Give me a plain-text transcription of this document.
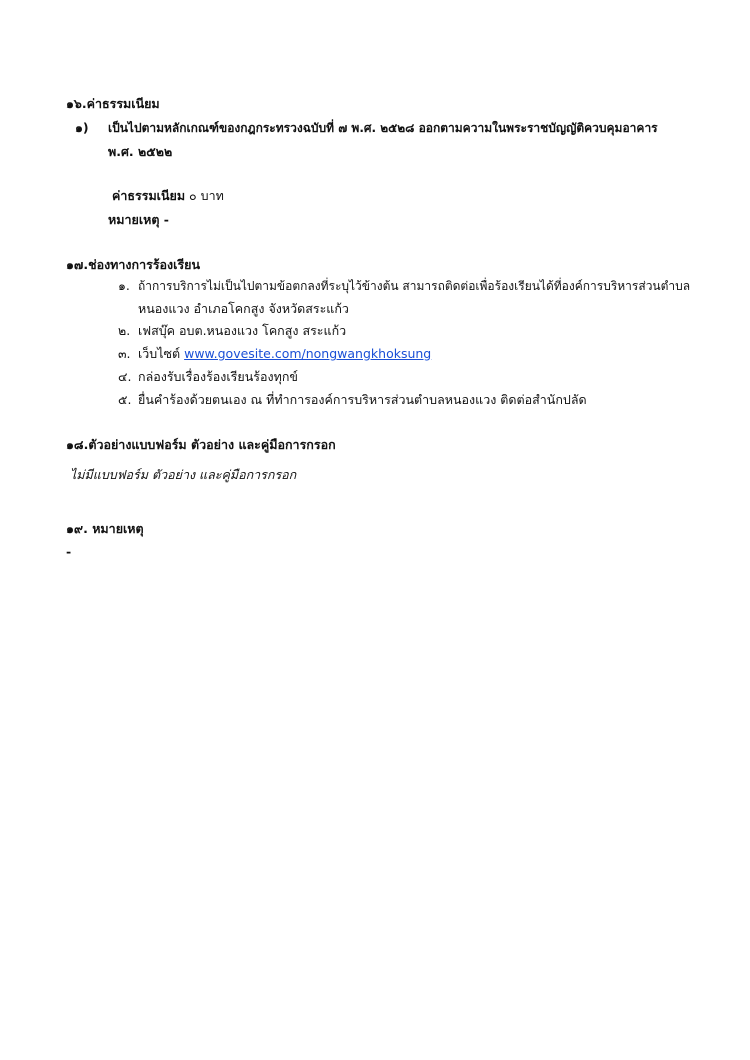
๑๖.ค่าธรรมเนียม
๑) เป็นไปตามหลักเกณฑ์ของกฎกระทรวงฉบับที่ ๗ พ.ศ. ๒๕๒๘ ออกตามความในพระราชบัญญัติควบคุมอาคาร
พ.ศ. ๒๕๒๒
ค่าธรรมเนียม ๐ บาท
หมายเหตุ -
๑๗.ช่องทางการร้องเรียน
๑. ถ้าการบริการไม่เป็นไปตามข้อตกลงที่ระบุไว้ข้างต้น สามารถติดต่อเพื่อร้องเรียนได้ที่องค์การบริหารส่วนตำบล
หนองแวง อำเภอโคกสูง จังหวัดสระแก้ว
๒. เฟสบุ๊ค อบต.หนองแวง โคกสูง สระแก้ว
๓. เว็บไซต์ www.govesite.com/nongwangkhoksung
๔. กล่องรับเรื่องร้องเรียนร้องทุกข์
๕. ยื่นคำร้องด้วยตนเอง ณ ที่ทำการองค์การบริหารส่วนตำบลหนองแวง ติดต่อสำนักปลัด
๑๘.ตัวอย่างแบบฟอร์ม ตัวอย่าง และคู่มือการกรอก
ไม่มีแบบฟอร์ม ตัวอย่าง และคู่มือการกรอก
๑๙. หมายเหตุ
-
